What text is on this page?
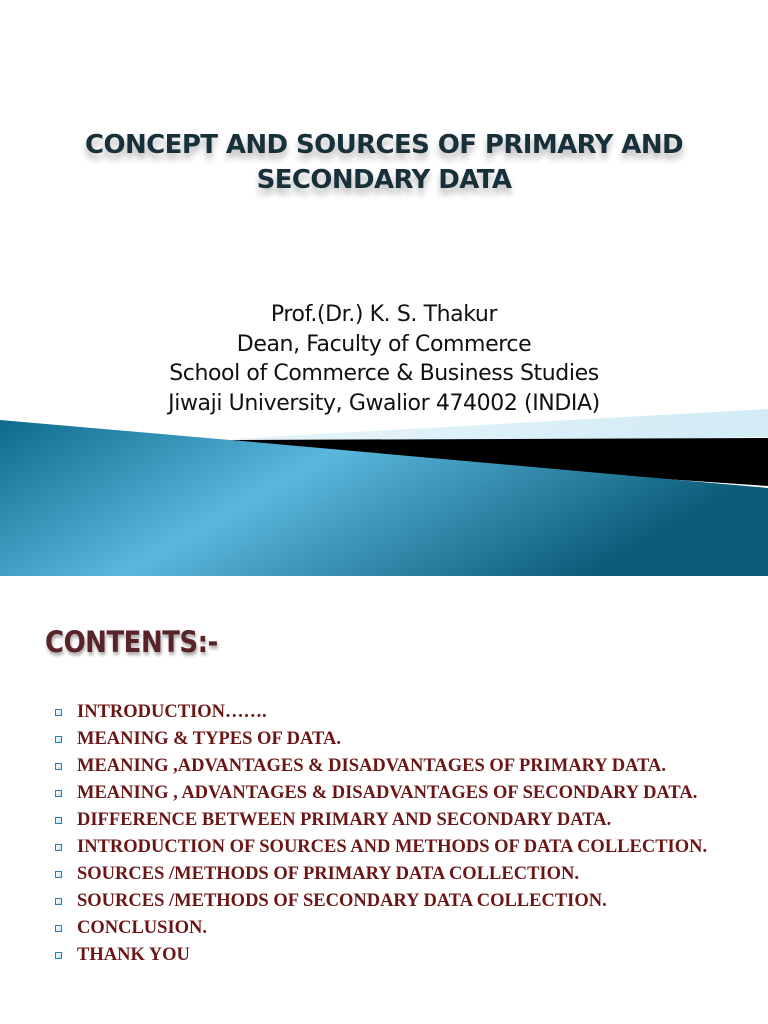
CONCEPT AND SOURCES OF PRIMARY AND
SECONDARY DATA
Prof.(Dr.) K. S. Thakur
Dean, Faculty of Commerce
School of Commerce & Business Studies
Jiwaji University, Gwalior 474002 (INDIA)
CONTENTS:-
INTRODUCTION…….
MEANING & TYPES OF DATA.
MEANING ,ADVANTAGES & DISADVANTAGES OF PRIMARY DATA.
MEANING , ADVANTAGES & DISADVANTAGES OF SECONDARY DATA.
DIFFERENCE BETWEEN PRIMARY AND SECONDARY DATA.
INTRODUCTION OF SOURCES AND METHODS OF DATA COLLECTION.
SOURCES /METHODS OF PRIMARY DATA COLLECTION.
SOURCES /METHODS OF SECONDARY DATA COLLECTION.
CONCLUSION.
THANK YOU
